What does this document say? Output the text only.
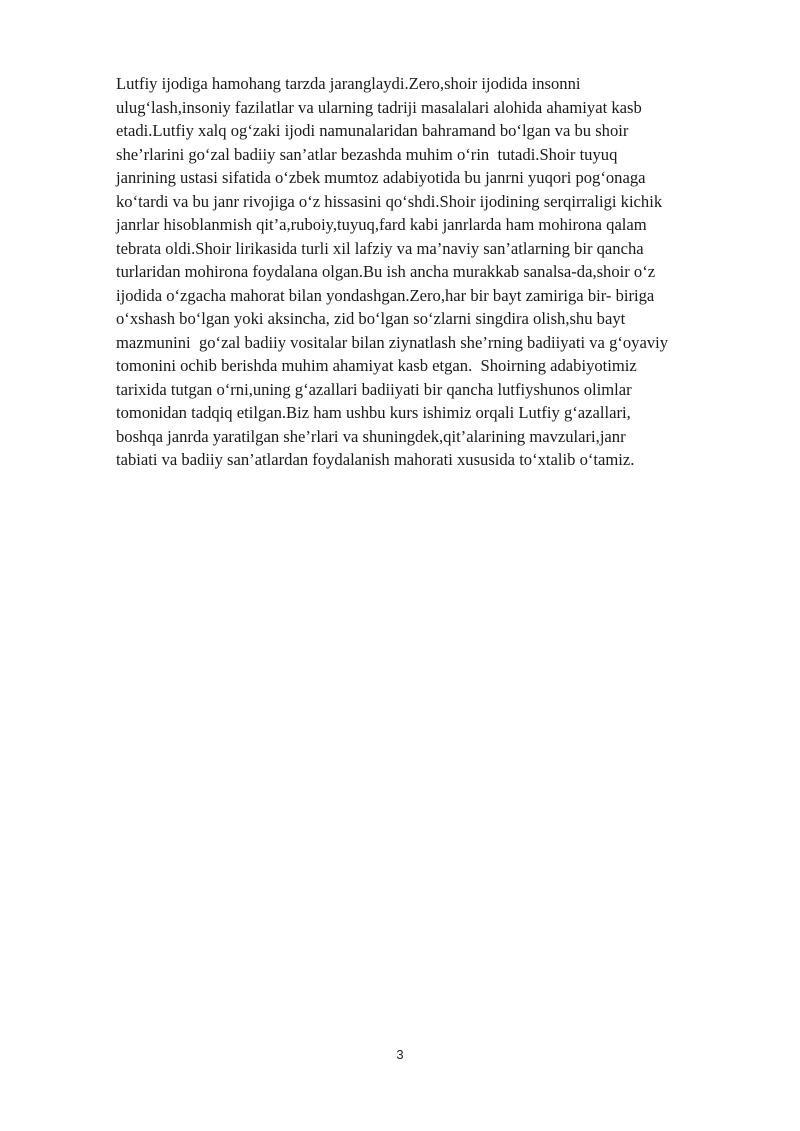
Lutfiy ijodiga hamohang tarzda jaranglaydi.Zero,shoir ijodida insonni
ulug‘lash,insoniy fazilatlar va ularning tadriji masalalari alohida ahamiyat kasb
etadi.Lutfiy xalq og‘zaki ijodi namunalaridan bahramand bo‘lgan va bu shoir
she’rlarini go‘zal badiiy san’atlar bezashda muhim o‘rin  tutadi.Shoir tuyuq
janrining ustasi sifatida o‘zbek mumtoz adabiyotida bu janrni yuqori pog‘onaga
ko‘tardi va bu janr rivojiga o‘z hissasini qo‘shdi.Shoir ijodining serqirraligi kichik
janrlar hisoblanmish qit’a,ruboiy,tuyuq,fard kabi janrlarda ham mohirona qalam
tebrata oldi.Shoir lirikasida turli xil lafziy va ma’naviy san’atlarning bir qancha
turlaridan mohirona foydalana olgan.Bu ish ancha murakkab sanalsa-da,shoir o‘z
ijodida o‘zgacha mahorat bilan yondashgan.Zero,har bir bayt zamiriga bir- biriga
o‘xshash bo‘lgan yoki aksincha, zid bo‘lgan so‘zlarni singdira olish,shu bayt
mazmunini  go‘zal badiiy vositalar bilan ziynatlash she’rning badiiyati va g‘oyaviy
tomonini ochib berishda muhim ahamiyat kasb etgan.  Shoirning adabiyotimiz
tarixida tutgan o‘rni,uning g‘azallari badiiyati bir qancha lutfiyshunos olimlar
tomonidan tadqiq etilgan.Biz ham ushbu kurs ishimiz orqali Lutfiy g‘azallari,
boshqa janrda yaratilgan she’rlari va shuningdek,qit’alarining mavzulari,janr
tabiati va badiiy san’atlardan foydalanish mahorati xususida to‘xtalib o‘tamiz.

3
